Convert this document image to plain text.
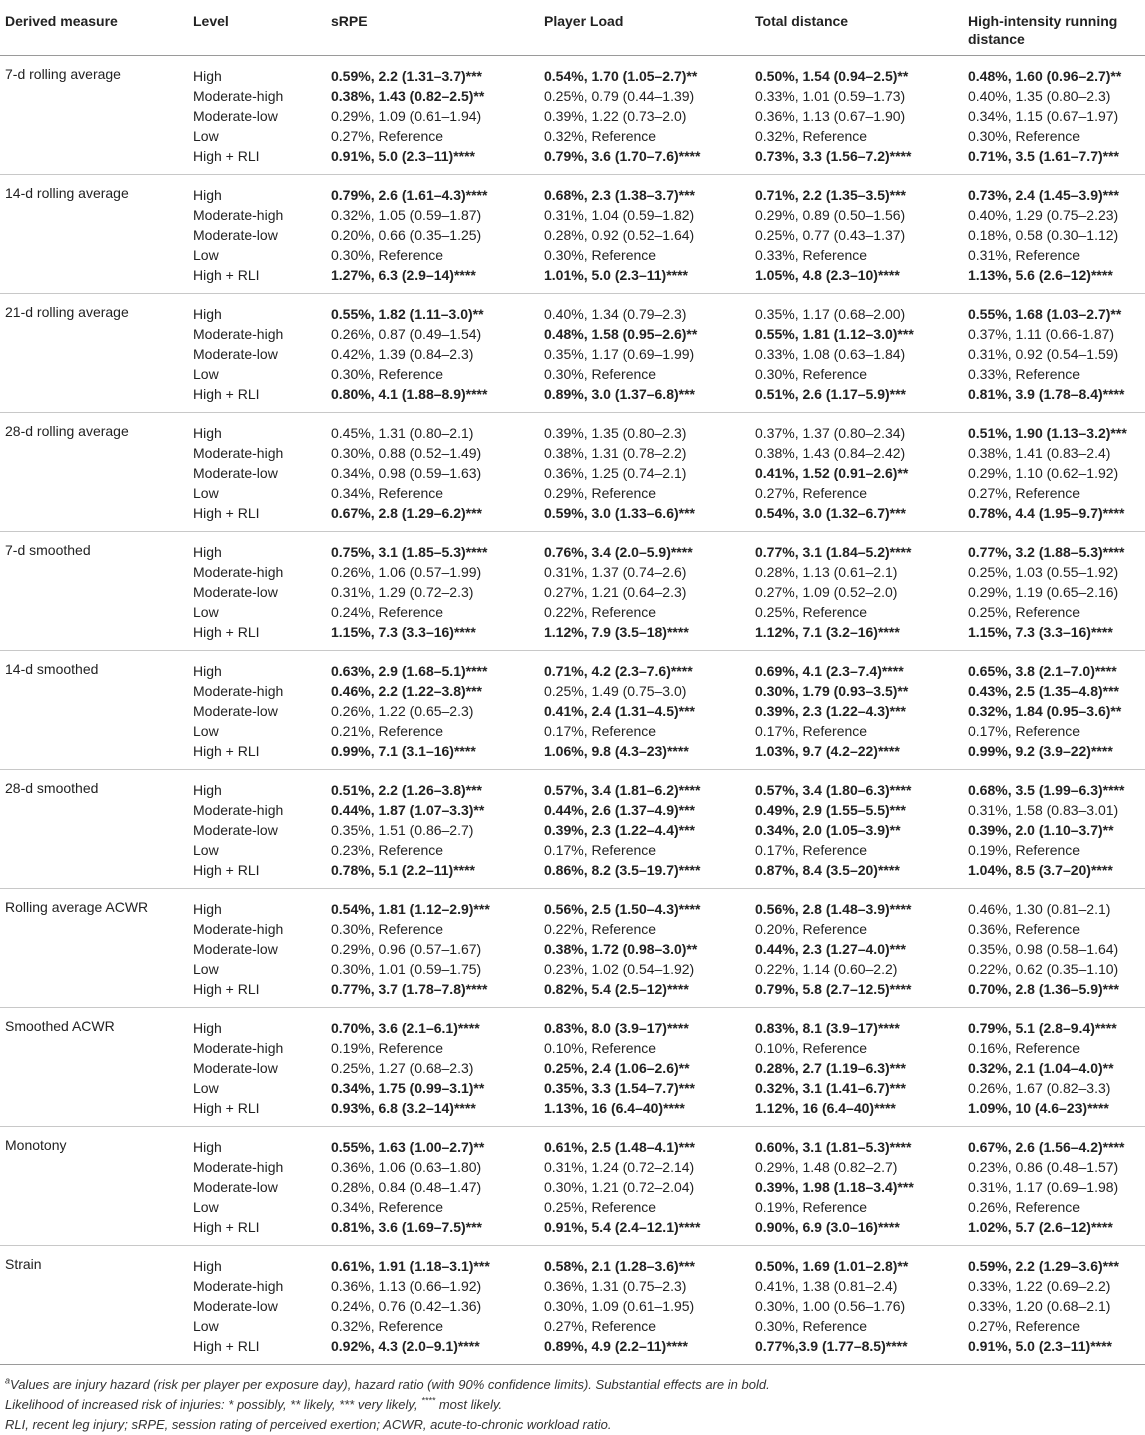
Derived measure	Level	sRPE	Player Load	Total distance	High-intensity running distance
7-d rolling average	High	0.59%, 2.2 (1.31–3.7)***	0.54%, 1.70 (1.05–2.7)**	0.50%, 1.54 (0.94–2.5)**	0.48%, 1.60 (0.96–2.7)**
Moderate-high	0.38%, 1.43 (0.82–2.5)**	0.25%, 0.79 (0.44–1.39)	0.33%, 1.01 (0.59–1.73)	0.40%, 1.35 (0.80–2.3)
Moderate-low	0.29%, 1.09 (0.61–1.94)	0.39%, 1.22 (0.73–2.0)	0.36%, 1.13 (0.67–1.90)	0.34%, 1.15 (0.67–1.97)
Low	0.27%, Reference	0.32%, Reference	0.32%, Reference	0.30%, Reference
High + RLI	0.91%, 5.0 (2.3–11)****	0.79%, 3.6 (1.70–7.6)****	0.73%, 3.3 (1.56–7.2)****	0.71%, 3.5 (1.61–7.7)***
14-d rolling average	High	0.79%, 2.6 (1.61–4.3)****	0.68%, 2.3 (1.38–3.7)***	0.71%, 2.2 (1.35–3.5)***	0.73%, 2.4 (1.45–3.9)***
Moderate-high	0.32%, 1.05 (0.59–1.87)	0.31%, 1.04 (0.59–1.82)	0.29%, 0.89 (0.50–1.56)	0.40%, 1.29 (0.75–2.23)
Moderate-low	0.20%, 0.66 (0.35–1.25)	0.28%, 0.92 (0.52–1.64)	0.25%, 0.77 (0.43–1.37)	0.18%, 0.58 (0.30–1.12)
Low	0.30%, Reference	0.30%, Reference	0.33%, Reference	0.31%, Reference
High + RLI	1.27%, 6.3 (2.9–14)****	1.01%, 5.0 (2.3–11)****	1.05%, 4.8 (2.3–10)****	1.13%, 5.6 (2.6–12)****
21-d rolling average	High	0.55%, 1.82 (1.11–3.0)**	0.40%, 1.34 (0.79–2.3)	0.35%, 1.17 (0.68–2.00)	0.55%, 1.68 (1.03–2.7)**
Moderate-high	0.26%, 0.87 (0.49–1.54)	0.48%, 1.58 (0.95–2.6)**	0.55%, 1.81 (1.12–3.0)***	0.37%, 1.11 (0.66-1.87)
Moderate-low	0.42%, 1.39 (0.84–2.3)	0.35%, 1.17 (0.69–1.99)	0.33%, 1.08 (0.63–1.84)	0.31%, 0.92 (0.54–1.59)
Low	0.30%, Reference	0.30%, Reference	0.30%, Reference	0.33%, Reference
High + RLI	0.80%, 4.1 (1.88–8.9)****	0.89%, 3.0 (1.37–6.8)***	0.51%, 2.6 (1.17–5.9)***	0.81%, 3.9 (1.78–8.4)****
28-d rolling average	High	0.45%, 1.31 (0.80–2.1)	0.39%, 1.35 (0.80–2.3)	0.37%, 1.37 (0.80–2.34)	0.51%, 1.90 (1.13–3.2)***
Moderate-high	0.30%, 0.88 (0.52–1.49)	0.38%, 1.31 (0.78–2.2)	0.38%, 1.43 (0.84–2.42)	0.38%, 1.41 (0.83–2.4)
Moderate-low	0.34%, 0.98 (0.59–1.63)	0.36%, 1.25 (0.74–2.1)	0.41%, 1.52 (0.91–2.6)**	0.29%, 1.10 (0.62–1.92)
Low	0.34%, Reference	0.29%, Reference	0.27%, Reference	0.27%, Reference
High + RLI	0.67%, 2.8 (1.29–6.2)***	0.59%, 3.0 (1.33–6.6)***	0.54%, 3.0 (1.32–6.7)***	0.78%, 4.4 (1.95–9.7)****
7-d smoothed	High	0.75%, 3.1 (1.85–5.3)****	0.76%, 3.4 (2.0–5.9)****	0.77%, 3.1 (1.84–5.2)****	0.77%, 3.2 (1.88–5.3)****
Moderate-high	0.26%, 1.06 (0.57–1.99)	0.31%, 1.37 (0.74–2.6)	0.28%, 1.13 (0.61–2.1)	0.25%, 1.03 (0.55–1.92)
Moderate-low	0.31%, 1.29 (0.72–2.3)	0.27%, 1.21 (0.64–2.3)	0.27%, 1.09 (0.52–2.0)	0.29%, 1.19 (0.65–2.16)
Low	0.24%, Reference	0.22%, Reference	0.25%, Reference	0.25%, Reference
High + RLI	1.15%, 7.3 (3.3–16)****	1.12%, 7.9 (3.5–18)****	1.12%, 7.1 (3.2–16)****	1.15%, 7.3 (3.3–16)****
14-d smoothed	High	0.63%, 2.9 (1.68–5.1)****	0.71%, 4.2 (2.3–7.6)****	0.69%, 4.1 (2.3–7.4)****	0.65%, 3.8 (2.1–7.0)****
Moderate-high	0.46%, 2.2 (1.22–3.8)***	0.25%, 1.49 (0.75–3.0)	0.30%, 1.79 (0.93–3.5)**	0.43%, 2.5 (1.35–4.8)***
Moderate-low	0.26%, 1.22 (0.65–2.3)	0.41%, 2.4 (1.31–4.5)***	0.39%, 2.3 (1.22–4.3)***	0.32%, 1.84 (0.95–3.6)**
Low	0.21%, Reference	0.17%, Reference	0.17%, Reference	0.17%, Reference
High + RLI	0.99%, 7.1 (3.1–16)****	1.06%, 9.8 (4.3–23)****	1.03%, 9.7 (4.2–22)****	0.99%, 9.2 (3.9–22)****
28-d smoothed	High	0.51%, 2.2 (1.26–3.8)***	0.57%, 3.4 (1.81–6.2)****	0.57%, 3.4 (1.80–6.3)****	0.68%, 3.5 (1.99–6.3)****
Moderate-high	0.44%, 1.87 (1.07–3.3)**	0.44%, 2.6 (1.37–4.9)***	0.49%, 2.9 (1.55–5.5)***	0.31%, 1.58 (0.83–3.01)
Moderate-low	0.35%, 1.51 (0.86–2.7)	0.39%, 2.3 (1.22–4.4)***	0.34%, 2.0 (1.05–3.9)**	0.39%, 2.0 (1.10–3.7)**
Low	0.23%, Reference	0.17%, Reference	0.17%, Reference	0.19%, Reference
High + RLI	0.78%, 5.1 (2.2–11)****	0.86%, 8.2 (3.5–19.7)****	0.87%, 8.4 (3.5–20)****	1.04%, 8.5 (3.7–20)****
Rolling average ACWR	High	0.54%, 1.81 (1.12–2.9)***	0.56%, 2.5 (1.50–4.3)****	0.56%, 2.8 (1.48–3.9)****	0.46%, 1.30 (0.81–2.1)
Moderate-high	0.30%, Reference	0.22%, Reference	0.20%, Reference	0.36%, Reference
Moderate-low	0.29%, 0.96 (0.57–1.67)	0.38%, 1.72 (0.98–3.0)**	0.44%, 2.3 (1.27–4.0)***	0.35%, 0.98 (0.58–1.64)
Low	0.30%, 1.01 (0.59–1.75)	0.23%, 1.02 (0.54–1.92)	0.22%, 1.14 (0.60–2.2)	0.22%, 0.62 (0.35–1.10)
High + RLI	0.77%, 3.7 (1.78–7.8)****	0.82%, 5.4 (2.5–12)****	0.79%, 5.8 (2.7–12.5)****	0.70%, 2.8 (1.36–5.9)***
Smoothed ACWR	High	0.70%, 3.6 (2.1–6.1)****	0.83%, 8.0 (3.9–17)****	0.83%, 8.1 (3.9–17)****	0.79%, 5.1 (2.8–9.4)****
Moderate-high	0.19%, Reference	0.10%, Reference	0.10%, Reference	0.16%, Reference
Moderate-low	0.25%, 1.27 (0.68–2.3)	0.25%, 2.4 (1.06–2.6)**	0.28%, 2.7 (1.19–6.3)***	0.32%, 2.1 (1.04–4.0)**
Low	0.34%, 1.75 (0.99–3.1)**	0.35%, 3.3 (1.54–7.7)***	0.32%, 3.1 (1.41–6.7)***	0.26%, 1.67 (0.82–3.3)
High + RLI	0.93%, 6.8 (3.2–14)****	1.13%, 16 (6.4–40)****	1.12%, 16 (6.4–40)****	1.09%, 10 (4.6–23)****
Monotony	High	0.55%, 1.63 (1.00–2.7)**	0.61%, 2.5 (1.48–4.1)***	0.60%, 3.1 (1.81–5.3)****	0.67%, 2.6 (1.56–4.2)****
Moderate-high	0.36%, 1.06 (0.63–1.80)	0.31%, 1.24 (0.72–2.14)	0.29%, 1.48 (0.82–2.7)	0.23%, 0.86 (0.48–1.57)
Moderate-low	0.28%, 0.84 (0.48–1.47)	0.30%, 1.21 (0.72–2.04)	0.39%, 1.98 (1.18–3.4)***	0.31%, 1.17 (0.69–1.98)
Low	0.34%, Reference	0.25%, Reference	0.19%, Reference	0.26%, Reference
High + RLI	0.81%, 3.6 (1.69–7.5)***	0.91%, 5.4 (2.4–12.1)****	0.90%, 6.9 (3.0–16)****	1.02%, 5.7 (2.6–12)****
Strain	High	0.61%, 1.91 (1.18–3.1)***	0.58%, 2.1 (1.28–3.6)***	0.50%, 1.69 (1.01–2.8)**	0.59%, 2.2 (1.29–3.6)***
Moderate-high	0.36%, 1.13 (0.66–1.92)	0.36%, 1.31 (0.75–2.3)	0.41%, 1.38 (0.81–2.4)	0.33%, 1.22 (0.69–2.2)
Moderate-low	0.24%, 0.76 (0.42–1.36)	0.30%, 1.09 (0.61–1.95)	0.30%, 1.00 (0.56–1.76)	0.33%, 1.20 (0.68–2.1)
Low	0.32%, Reference	0.27%, Reference	0.30%, Reference	0.27%, Reference
High + RLI	0.92%, 4.3 (2.0–9.1)****	0.89%, 4.9 (2.2–11)****	0.77%,3.9 (1.77–8.5)****	0.91%, 5.0 (2.3–11)****
$^a$Values are injury hazard (risk per player per exposure day), hazard ratio (with 90% confidence limits). Substantial effects are in bold.
Likelihood of increased risk of injuries: * possibly, ** likely, *** very likely, **** most likely.
RLI, recent leg injury; sRPE, session rating of perceived exertion; ACWR, acute-to-chronic workload ratio.
